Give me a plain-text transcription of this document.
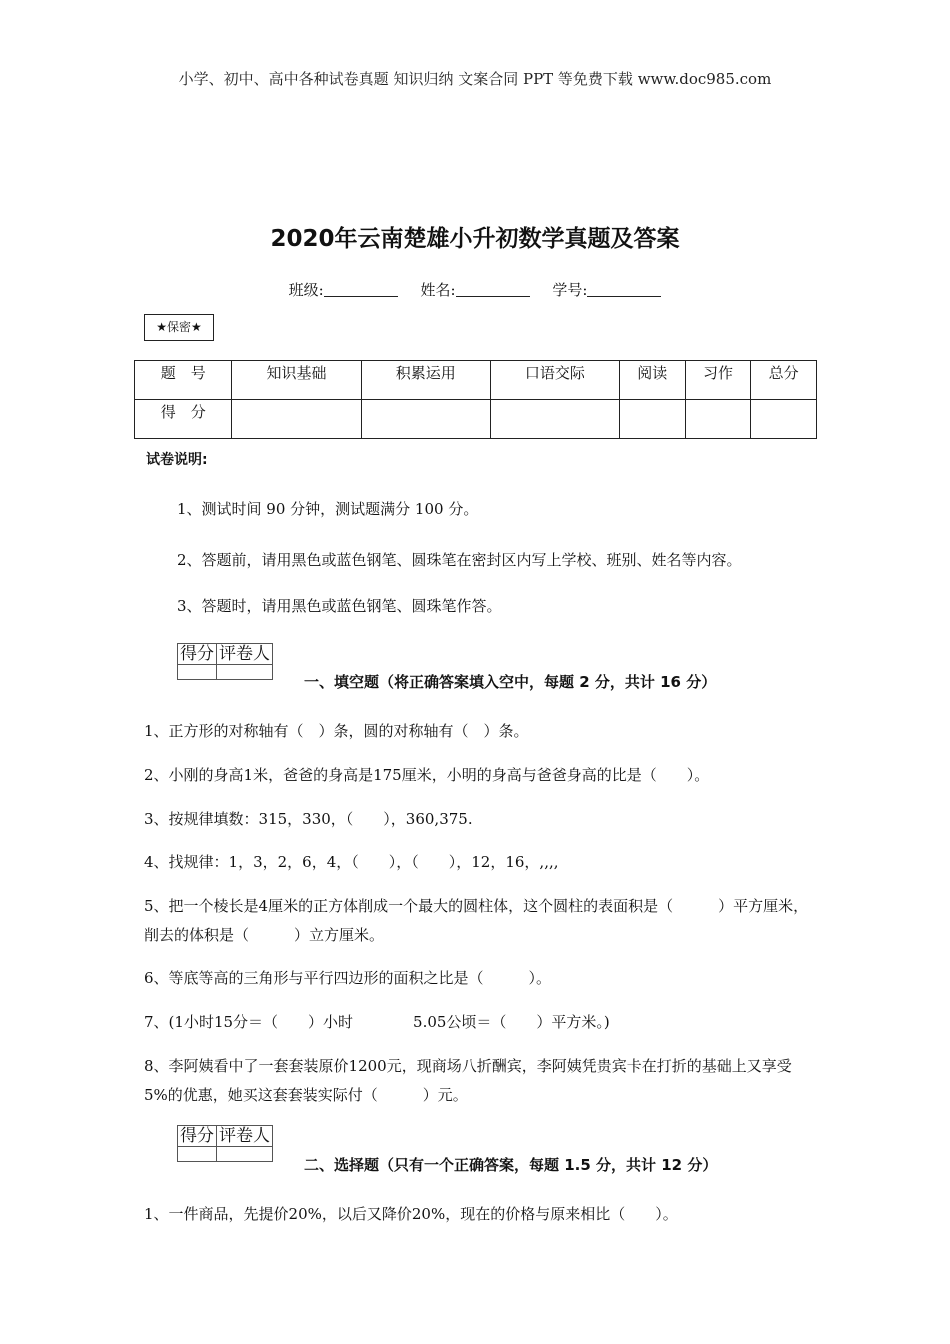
小学、初中、高中各种试卷真题 知识归纳 文案合同 PPT 等免费下载 www.doc985.com
2020年云南楚雄小升初数学真题及答案
班级:	姓名:	学号:
★保密★
题　号	知识基础	积累运用	口语交际	阅读	习作	总分
得　分						
试卷说明:
1、测试时间 90 分钟，测试题满分 100 分。
2、答题前，请用黑色或蓝色钢笔、圆珠笔在密封区内写上学校、班别、姓名等内容。
3、答题时，请用黑色或蓝色钢笔、圆珠笔作答。
得分	评卷人

一、填空题（将正确答案填入空中，每题 2 分，共计 16 分）
1、正方形的对称轴有（　）条，圆的对称轴有（　）条。
2、小刚的身高1米，爸爸的身高是175厘米，小明的身高与爸爸身高的比是（　　）。
3、按规律填数：315，330，（　　），360,375.
4、找规律：1，3，2，6，4，（　　），（　　），12，16，,,,,
5、把一个棱长是4厘米的正方体削成一个最大的圆柱体，这个圆柱的表面积是（　　　）平方厘米，削去的体积是（　　　）立方厘米。
6、等底等高的三角形与平行四边形的面积之比是（　　　）。
7、(1小时15分＝（　　）小时　　　　5.05公顷＝（　　）平方米。)
8、李阿姨看中了一套套装原价1200元，现商场八折酬宾，李阿姨凭贵宾卡在打折的基础上又享受5%的优惠，她买这套套装实际付（　　　）元。
得分	评卷人

二、选择题（只有一个正确答案，每题 1.5 分，共计 12 分）
1、一件商品，先提价20%，以后又降价20%，现在的价格与原来相比（　　）。
